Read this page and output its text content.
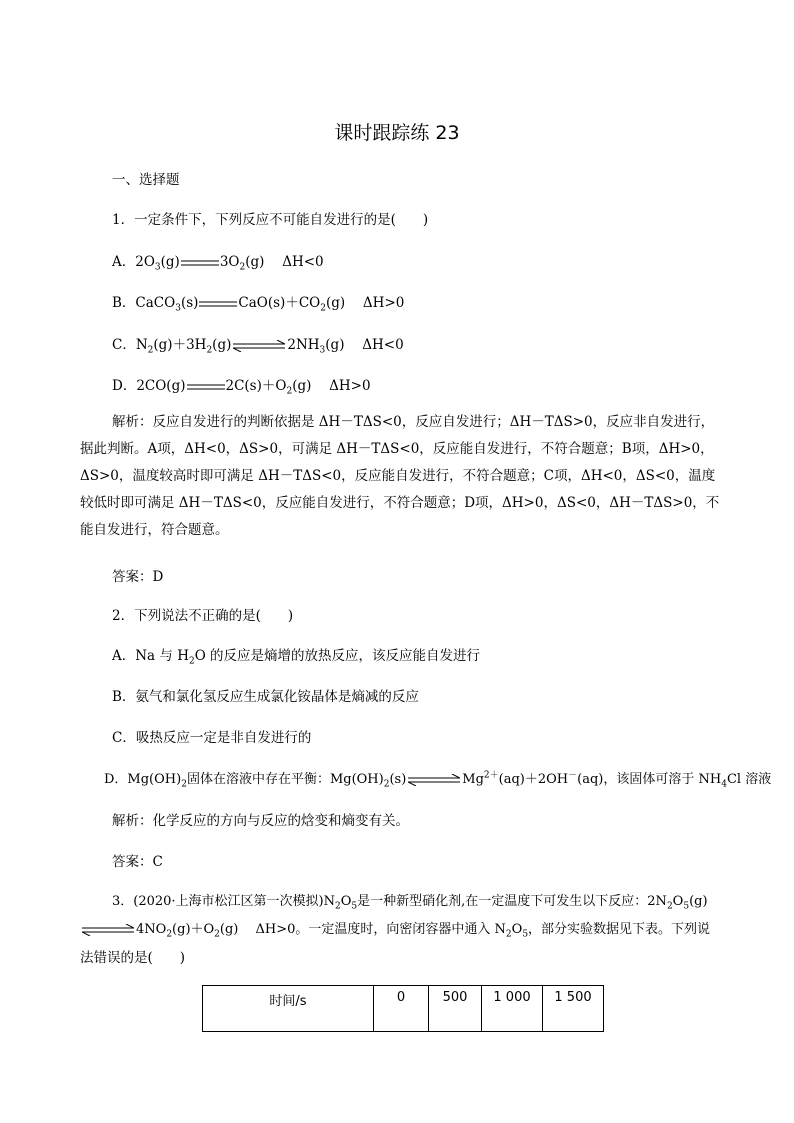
课时跟踪练 23
一、选择题
1．一定条件下，下列反应不可能自发进行的是(　　)
A．$2O_3(g)$	$3O_2(g)$　 ΔH<0
B．CaCO$_3$(s)	$CaO(s)+CO_2(g)$　 ΔH>0
C．$N_2(g)+3H_2(g)$ ⇌ $2NH_3(g)$　 ΔH<0
D．2CO(g)	$2C(s)+O_2(g)$　 ΔH>0
解析：反应自发进行的判断依据是 ΔH－TΔS<0，反应自发进行；ΔH－TΔS>0，反应非自发进行，据此判断。A项，ΔH<0，ΔS>0，可满足 ΔH－TΔS<0，反应能自发进行，不符合题意；B项，ΔH>0，ΔS>0，温度较高时即可满足 ΔH－TΔS<0，反应能自发进行，不符合题意；C项，ΔH<0，ΔS<0，温度较低时即可满足 ΔH－TΔS<0，反应能自发进行，不符合题意；D项，ΔH>0，ΔS<0，ΔH－TΔS>0，不能自发进行，符合题意。
答案：D
2．下列说法不正确的是(　　)
A．Na 与 $H_2O$ 的反应是熵增的放热反应，该反应能自发进行
B．氨气和氯化氢反应生成氯化铵晶体是熵减的反应
C．吸热反应一定是非自发进行的
D．$Mg(OH)_2$固体在溶液中存在平衡：$Mg(OH)_2(s)$ ⇌ $Mg^{2+}(aq)+2OH^-(aq)$，该固体可溶于 $NH_4Cl$ 溶液
解析：化学反应的方向与反应的焓变和熵变有关。
答案：C
3．(2020·上海市松江区第一次模拟)$N_2O_5$是一种新型硝化剂,在一定温度下可发生以下反应：$2N_2O_5(g)$
⇌ $4NO_2(g)+O_2(g)$　 ΔH>0。一定温度时，向密闭容器中通入 $N_2O_5$，部分实验数据见下表。下列说
法错误的是(　　)
时间/s	0	500	1 000	1 500
